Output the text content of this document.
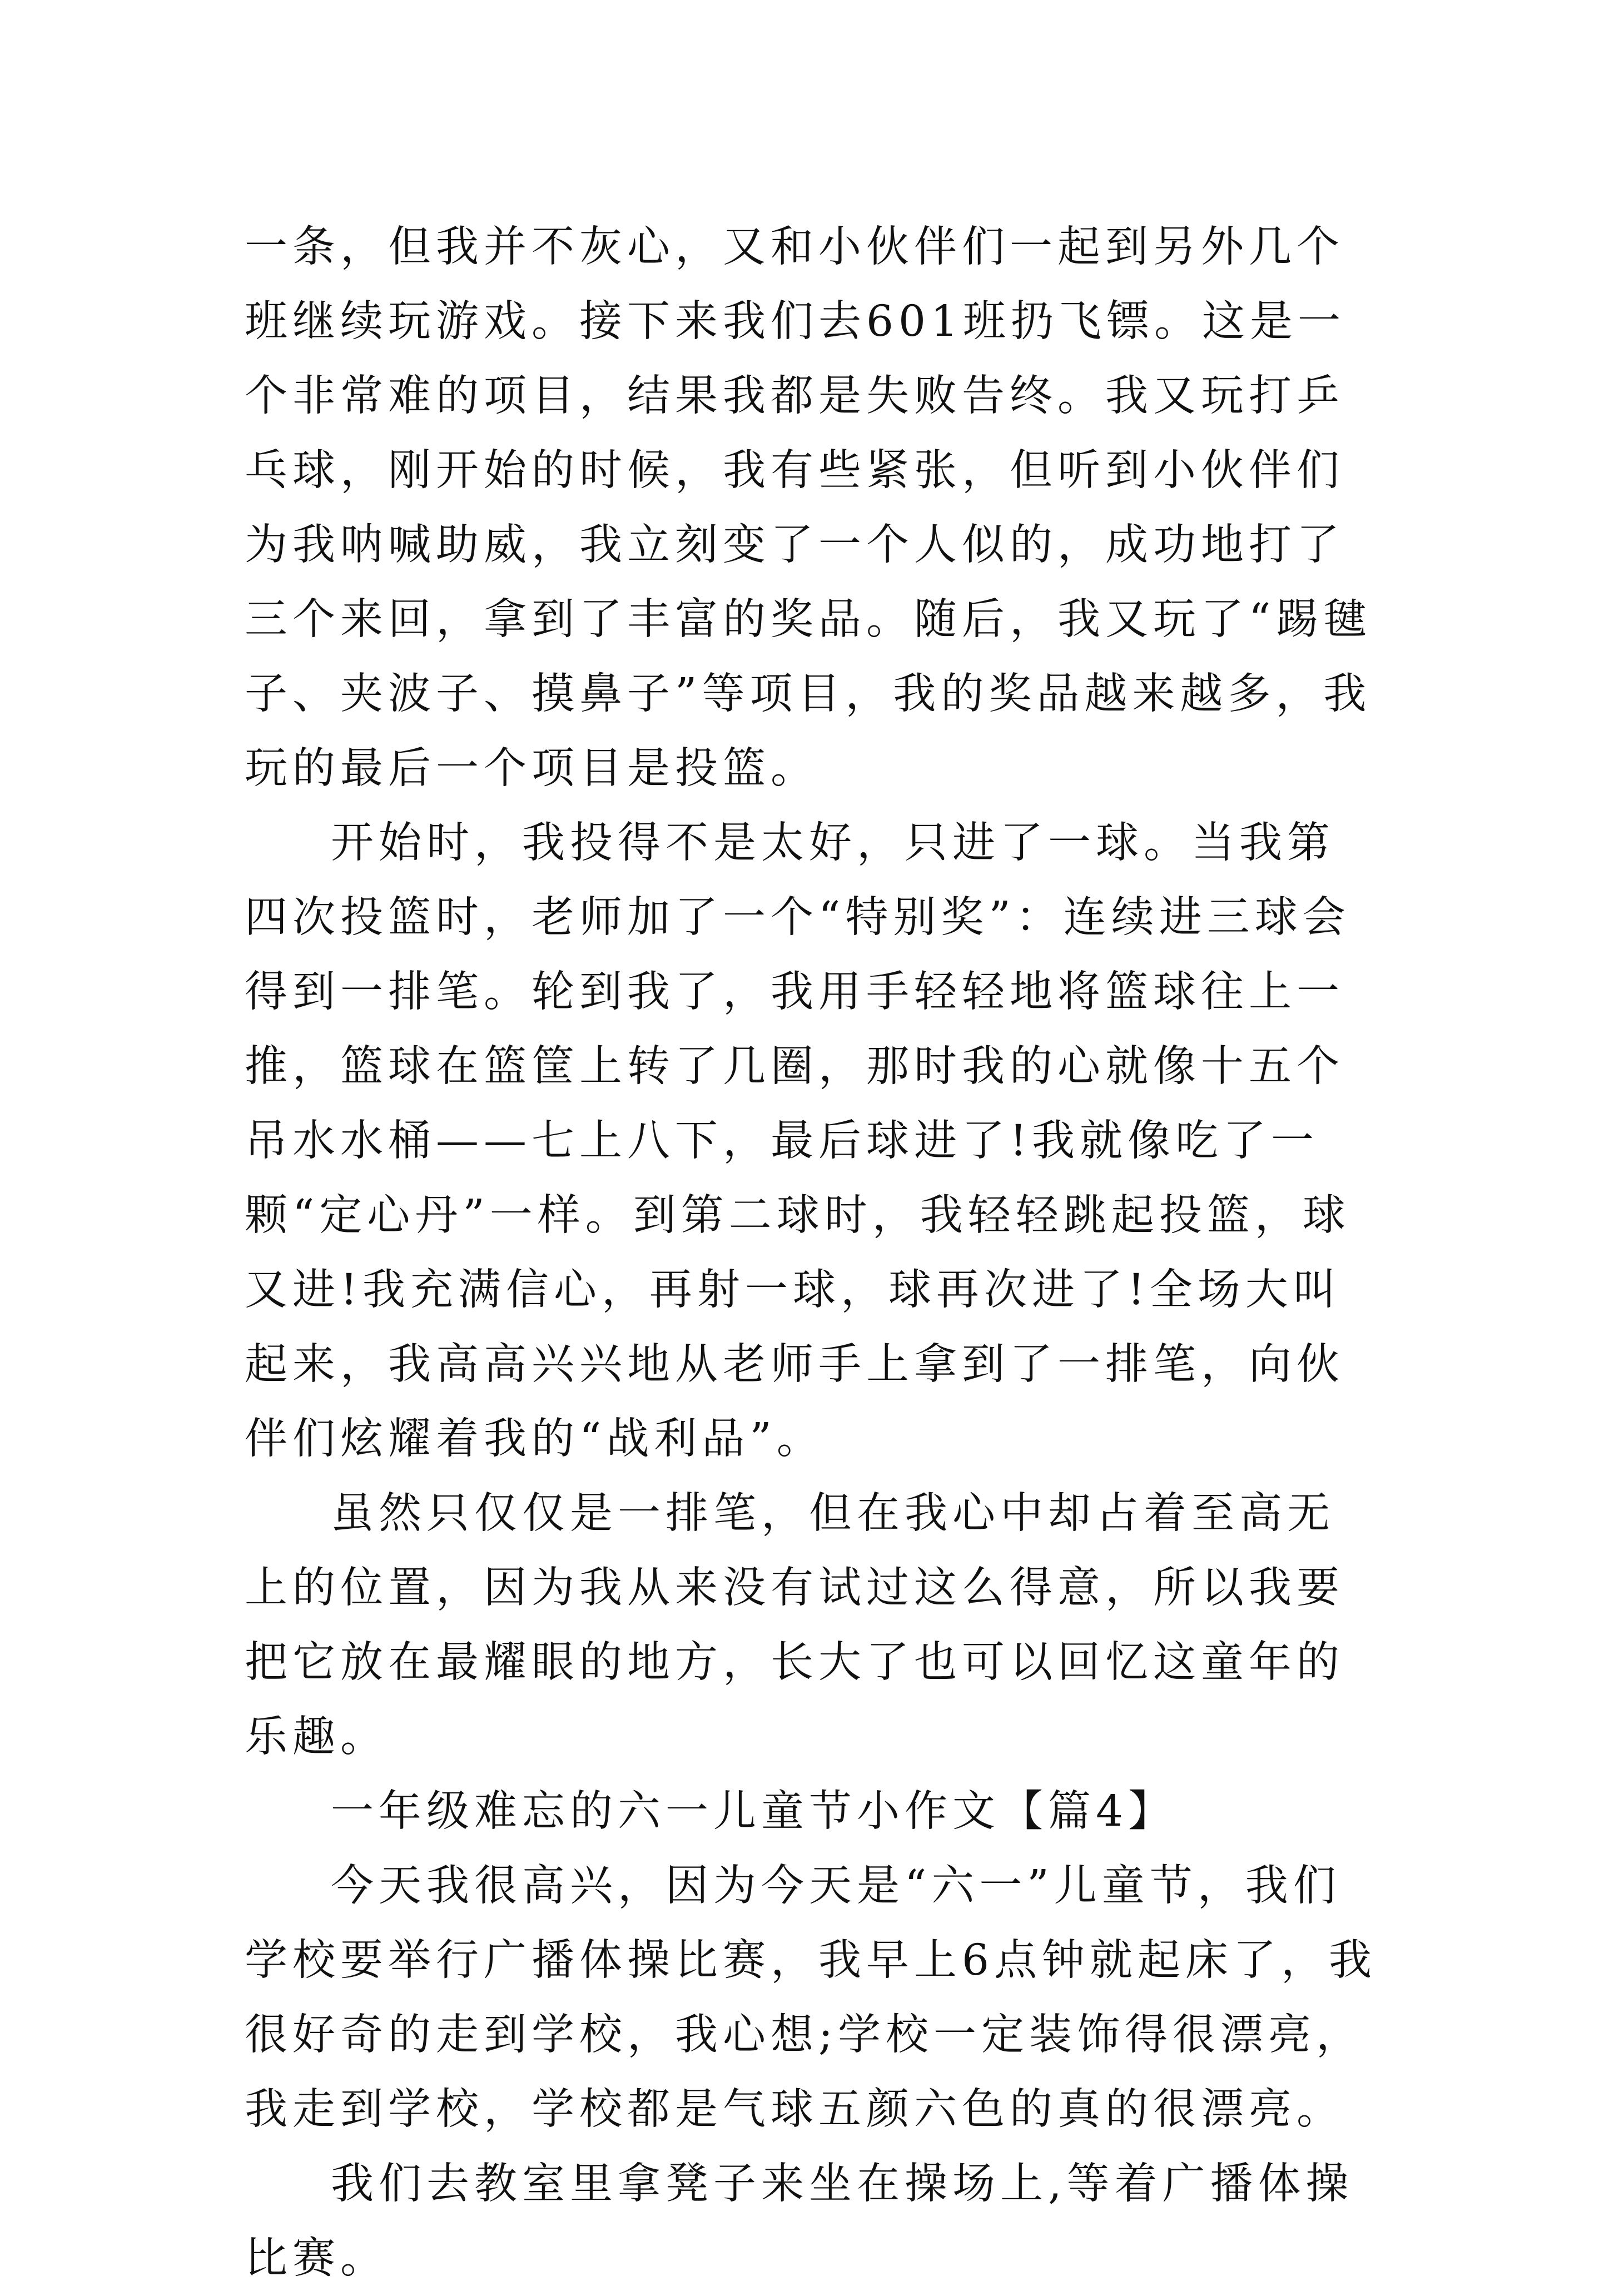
一条，但我并不灰心，又和小伙伴们一起到另外几个班继续玩游戏。接下来我们去601班扔飞镖。这是一个非常难的项目，结果我都是失败告终。我又玩打乒乓球，刚开始的时候，我有些紧张，但听到小伙伴们为我呐喊助威，我立刻变了一个人似的，成功地打了三个来回，拿到了丰富的奖品。随后，我又玩了“踢毽子、夹波子、摸鼻子”等项目，我的奖品越来越多，我玩的最后一个项目是投篮。

开始时，我投得不是太好，只进了一球。当我第四次投篮时，老师加了一个“特别奖”：连续进三球会得到一排笔。轮到我了，我用手轻轻地将篮球往上一推，篮球在篮筐上转了几圈，那时我的心就像十五个吊水水桶——七上八下，最后球进了!我就像吃了一颗“定心丹”一样。到第二球时，我轻轻跳起投篮，球又进!我充满信心，再射一球，球再次进了!全场大叫起来，我高高兴兴地从老师手上拿到了一排笔，向伙伴们炫耀着我的“战利品”。

虽然只仅仅是一排笔，但在我心中却占着至高无上的位置，因为我从来没有试过这么得意，所以我要把它放在最耀眼的地方，长大了也可以回忆这童年的乐趣。

一年级难忘的六一儿童节小作文【篇4】

今天我很高兴，因为今天是“六一”儿童节，我们学校要举行广播体操比赛，我早上6点钟就起床了，我很好奇的走到学校，我心想;学校一定装饰得很漂亮，我走到学校，学校都是气球五颜六色的真的很漂亮。

我们去教室里拿凳子来坐在操场上,等着广播体操比赛。
